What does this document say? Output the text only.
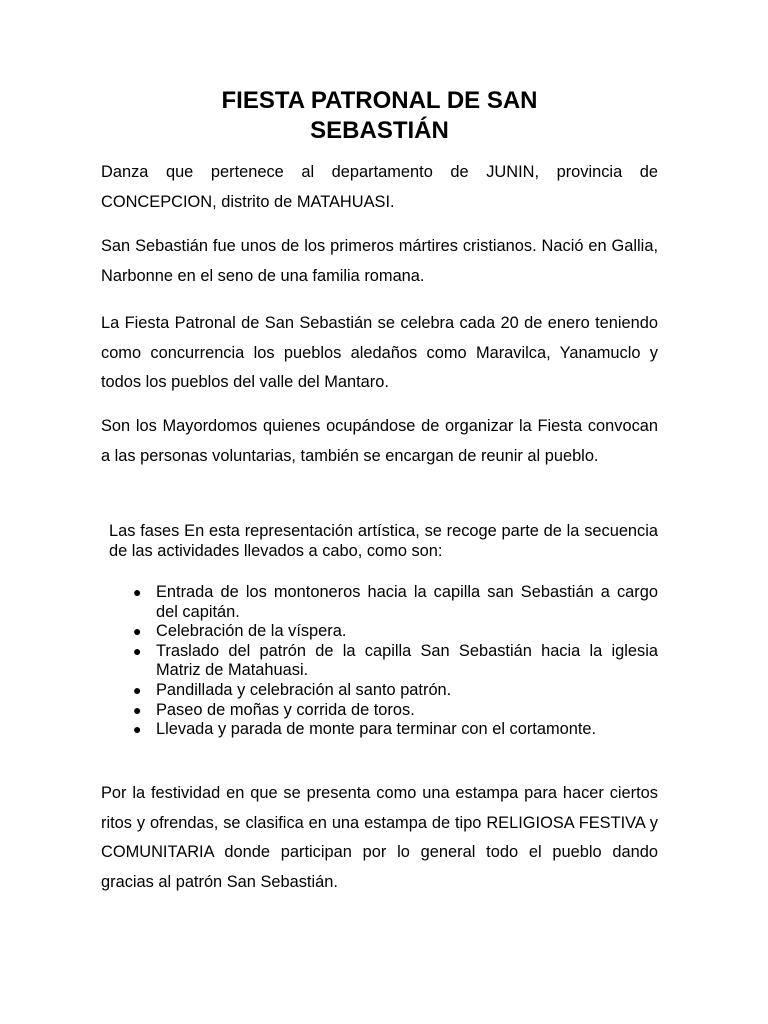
FIESTA PATRONAL DE SAN
SEBASTIÁN

Danza que pertenece al departamento de JUNIN, provincia de CONCEPCION, distrito de MATAHUASI.

San Sebastián fue unos de los primeros mártires cristianos. Nació en Gallia, Narbonne en el seno de una familia romana.

La Fiesta Patronal de San Sebastián se celebra cada 20 de enero teniendo como concurrencia los pueblos aledaños como Maravilca, Yanamuclo y todos los pueblos del valle del Mantaro.

Son los Mayordomos quienes ocupándose de organizar la Fiesta convocan a las personas voluntarias, también se encargan de reunir al pueblo.

Las fases En esta representación artística, se recoge parte de la secuencia de las actividades llevados a cabo, como son:

● Entrada de los montoneros hacia la capilla san Sebastián a cargo del capitán.
● Celebración de la víspera.
● Traslado del patrón de la capilla San Sebastián hacia la iglesia Matriz de Matahuasi.
● Pandillada y celebración al santo patrón.
● Paseo de moñas y corrida de toros.
● Llevada y parada de monte para terminar con el cortamonte.

Por la festividad en que se presenta como una estampa para hacer ciertos ritos y ofrendas, se clasifica en una estampa de tipo RELIGIOSA FESTIVA y COMUNITARIA donde participan por lo general todo el pueblo dando gracias al patrón San Sebastián.
